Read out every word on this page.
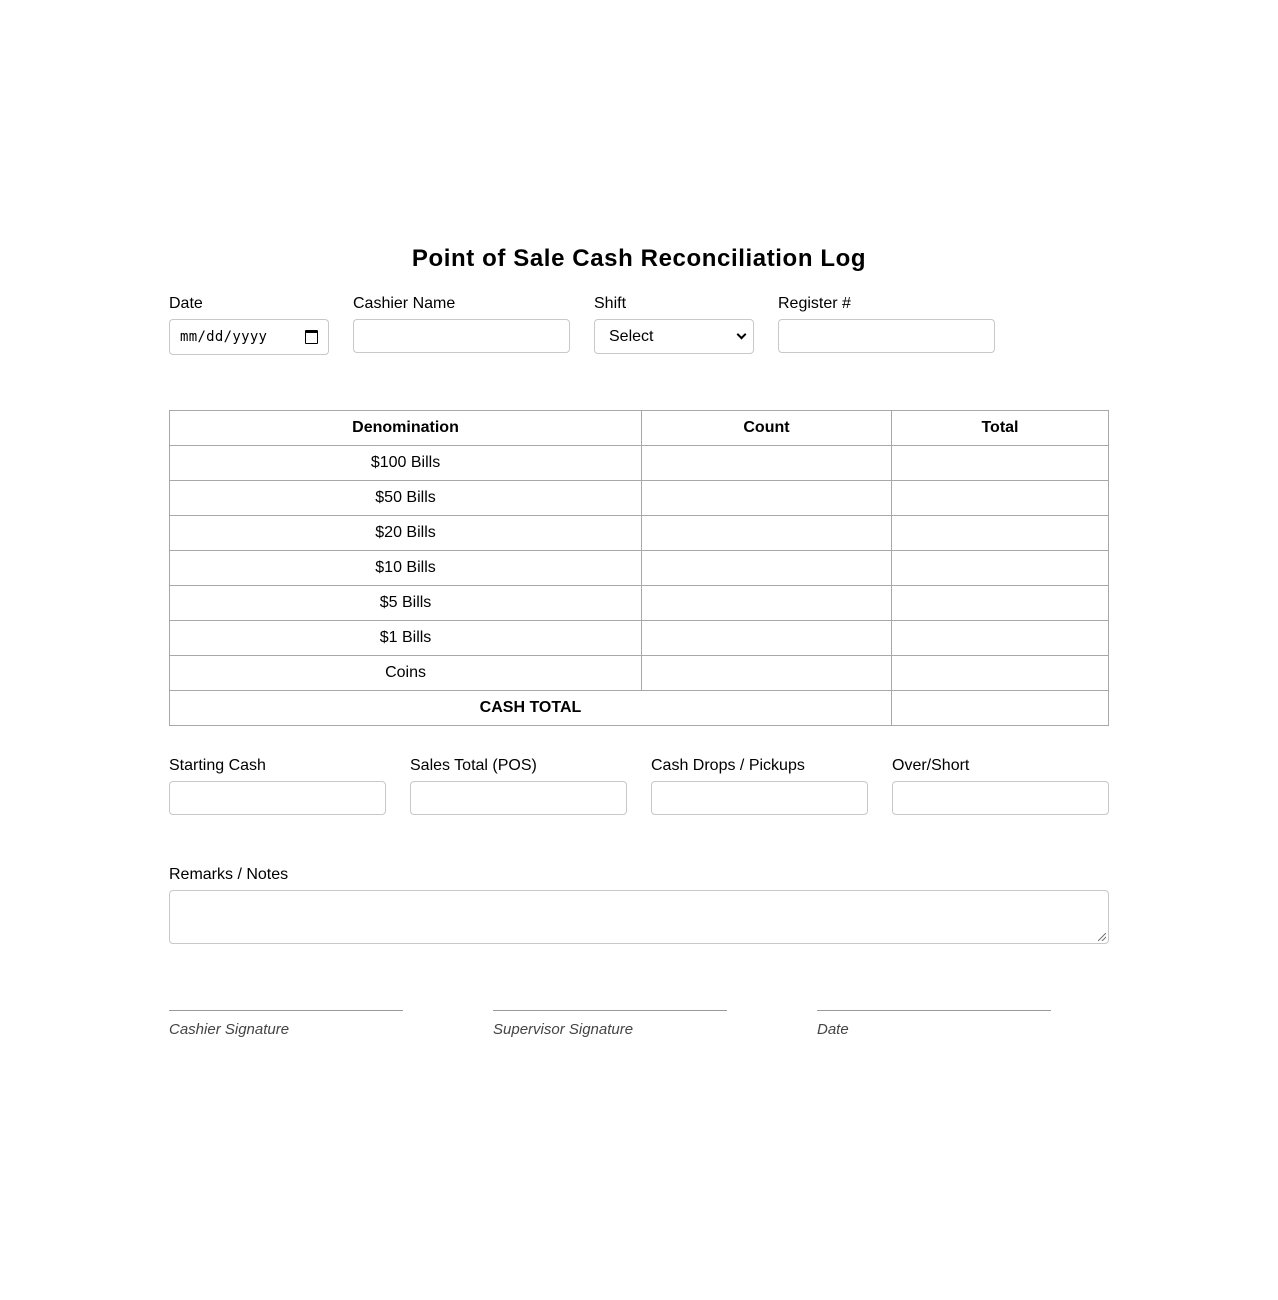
Point of Sale Cash Reconciliation Log
Date
mm/dd/yyyy
Cashier Name	Shift
Select
Register #
Denomination	Count	Total
$100 Bills		
$50 Bills		
$20 Bills		
$10 Bills		
$5 Bills		
$1 Bills		
Coins		
CASH TOTAL		
Starting Cash	Sales Total (POS)	Cash Drops / Pickups	Over/Short
Remarks / Notes
Cashier Signature	Supervisor Signature	Date
